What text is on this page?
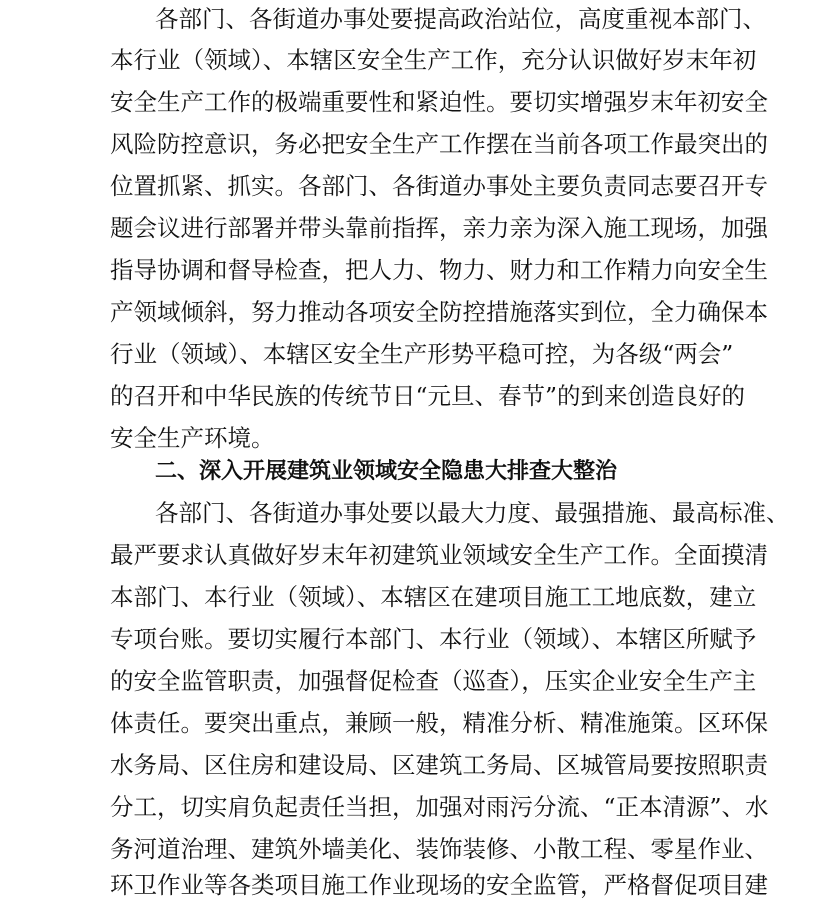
各部门、各街道办事处要提高政治站位，高度重视本部门、
本行业（领域）、本辖区安全生产工作，充分认识做好岁末年初
安全生产工作的极端重要性和紧迫性。要切实增强岁末年初安全
风险防控意识，务必把安全生产工作摆在当前各项工作最突出的
位置抓紧、抓实。各部门、各街道办事处主要负责同志要召开专
题会议进行部署并带头靠前指挥，亲力亲为深入施工现场，加强
指导协调和督导检查，把人力、物力、财力和工作精力向安全生
产领域倾斜，努力推动各项安全防控措施落实到位，全力确保本
行业（领域）、本辖区安全生产形势平稳可控，为各级“两会”
的召开和中华民族的传统节日“元旦、春节”的到来创造良好的
安全生产环境。
二、深入开展建筑业领域安全隐患大排查大整治
各部门、各街道办事处要以最大力度、最强措施、最高标准、
最严要求认真做好岁末年初建筑业领域安全生产工作。全面摸清
本部门、本行业（领域）、本辖区在建项目施工工地底数，建立
专项台账。要切实履行本部门、本行业（领域）、本辖区所赋予
的安全监管职责，加强督促检查（巡查），压实企业安全生产主
体责任。要突出重点，兼顾一般，精准分析、精准施策。区环保
水务局、区住房和建设局、区建筑工务局、区城管局要按照职责
分工，切实肩负起责任当担，加强对雨污分流、“正本清源”、水
务河道治理、建筑外墙美化、装饰装修、小散工程、零星作业、
环卫作业等各类项目施工作业现场的安全监管，严格督促项目建
